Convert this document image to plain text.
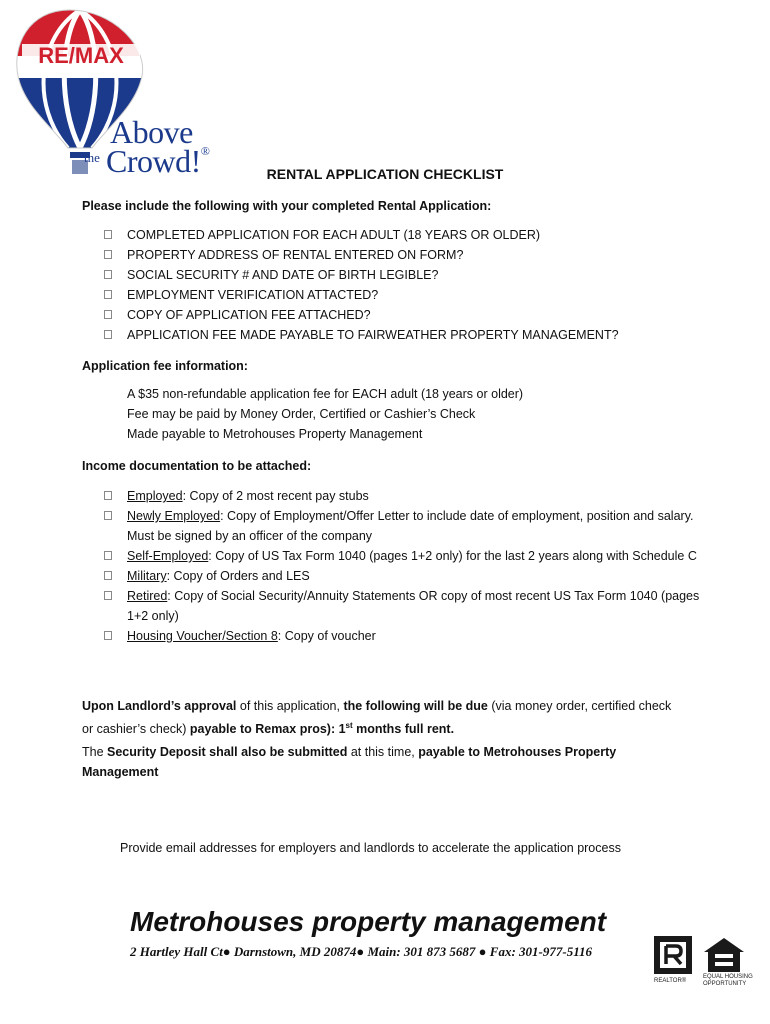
RE/MAX
Above
the Crowd!®
RENTAL APPLICATION CHECKLIST
Please include the following with your completed Rental Application:
COMPLETED APPLICATION FOR EACH ADULT (18 YEARS OR OLDER)
PROPERTY ADDRESS OF RENTAL ENTERED ON FORM?
SOCIAL SECURITY # AND DATE OF BIRTH LEGIBLE?
EMPLOYMENT VERIFICATION ATTACTED?
COPY OF APPLICATION FEE ATTACHED?
APPLICATION FEE MADE PAYABLE TO FAIRWEATHER PROPERTY MANAGEMENT?
Application fee information:
A $35 non-refundable application fee for EACH adult (18 years or older)
Fee may be paid by Money Order, Certified or Cashier’s Check
Made payable to Metrohouses Property Management
Income documentation to be attached:
Employed: Copy of 2 most recent pay stubs
Newly Employed: Copy of Employment/Offer Letter to include date of employment, position and salary. Must be signed by an officer of the company
Self-Employed: Copy of US Tax Form 1040 (pages 1+2 only) for the last 2 years along with Schedule C
Military: Copy of Orders and LES
Retired: Copy of Social Security/Annuity Statements OR copy of most recent US Tax Form 1040 (pages 1+2 only)
Housing Voucher/Section 8: Copy of voucher
Upon Landlord’s approval of this application, the following will be due (via money order, certified check or cashier’s check) payable to Remax pros): 1st months full rent.
The Security Deposit shall also be submitted at this time, payable to Metrohouses Property Management
Provide email addresses for employers and landlords to accelerate the application process
Metrohouses property management
2 Hartley Hall Ct● Darnstown, MD 20874● Main: 301 873 5687 ● Fax: 301-977-5116
REALTOR®
EQUAL HOUSING
OPPORTUNITY
